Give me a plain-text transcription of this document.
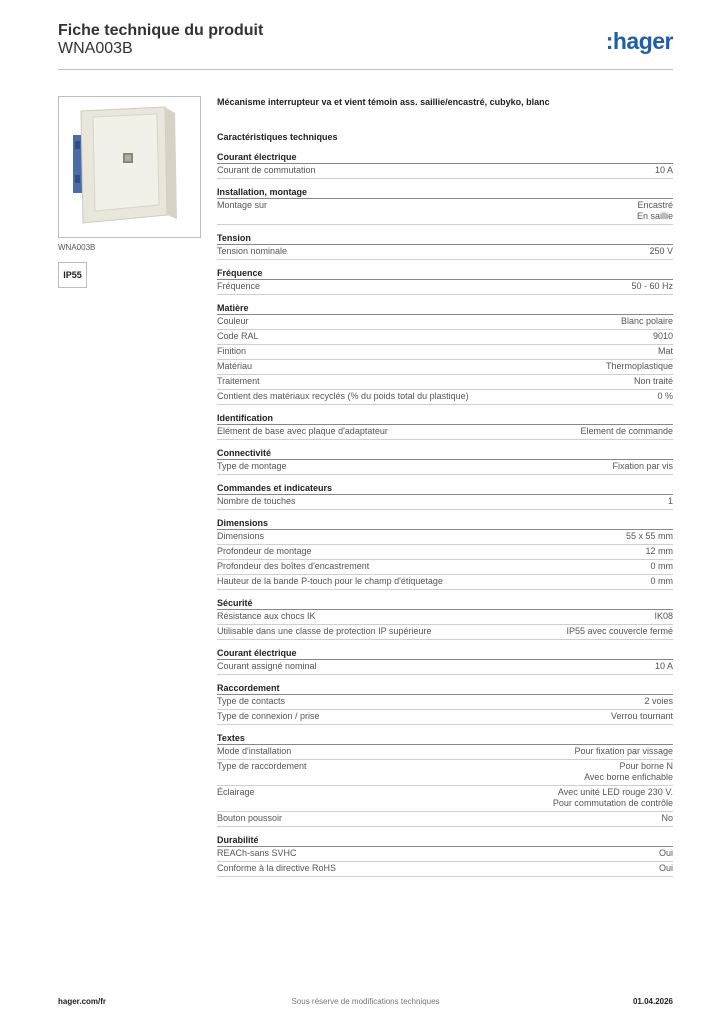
Fiche technique du produit
WNA003B	:hager
WNA003B
IP55
Mécanisme interrupteur va et vient témoin ass. saillie/encastré, cubyko, blanc
Caractéristiques techniques
Courant électrique
Courant de commutation	10 A
Installation, montage
Montage sur	Encastré
En saillie
Tension
Tension nominale	250 V
Fréquence
Fréquence	50 - 60 Hz
Matière
Couleur	Blanc polaire
Code RAL	9010
Finition	Mat
Matériau	Thermoplastique
Traitement	Non traité
Contient des matériaux recyclés (% du poids total du plastique)	0 %
Identification
Elément de base avec plaque d'adaptateur	Element de commande
Connectivité
Type de montage	Fixation par vis
Commandes et indicateurs
Nombre de touches	1
Dimensions
Dimensions	55 x 55 mm
Profondeur de montage	12 mm
Profondeur des boîtes d'encastrement	0 mm
Hauteur de la bande P-touch pour le champ d'étiquetage	0 mm
Sécurité
Résistance aux chocs IK	IK08
Utilisable dans une classe de protection IP supérieure	IP55 avec couvercle fermé
Courant électrique
Courant assigné nominal	10 A
Raccordement
Type de contacts	2 voies
Type de connexion / prise	Verrou tournant
Textes
Mode d'installation	Pour fixation par vissage
Type de raccordement	Pour borne N
Avec borne enfichable
Éclairage	Avec unité LED rouge 230 V.
Pour commutation de contrôle
Bouton poussoir	No
Durabilité
REACh-sans SVHC	Oui
Conforme à la directive RoHS	Oui
hager.com/fr	Sous réserve de modifications techniques	01.04.2026
